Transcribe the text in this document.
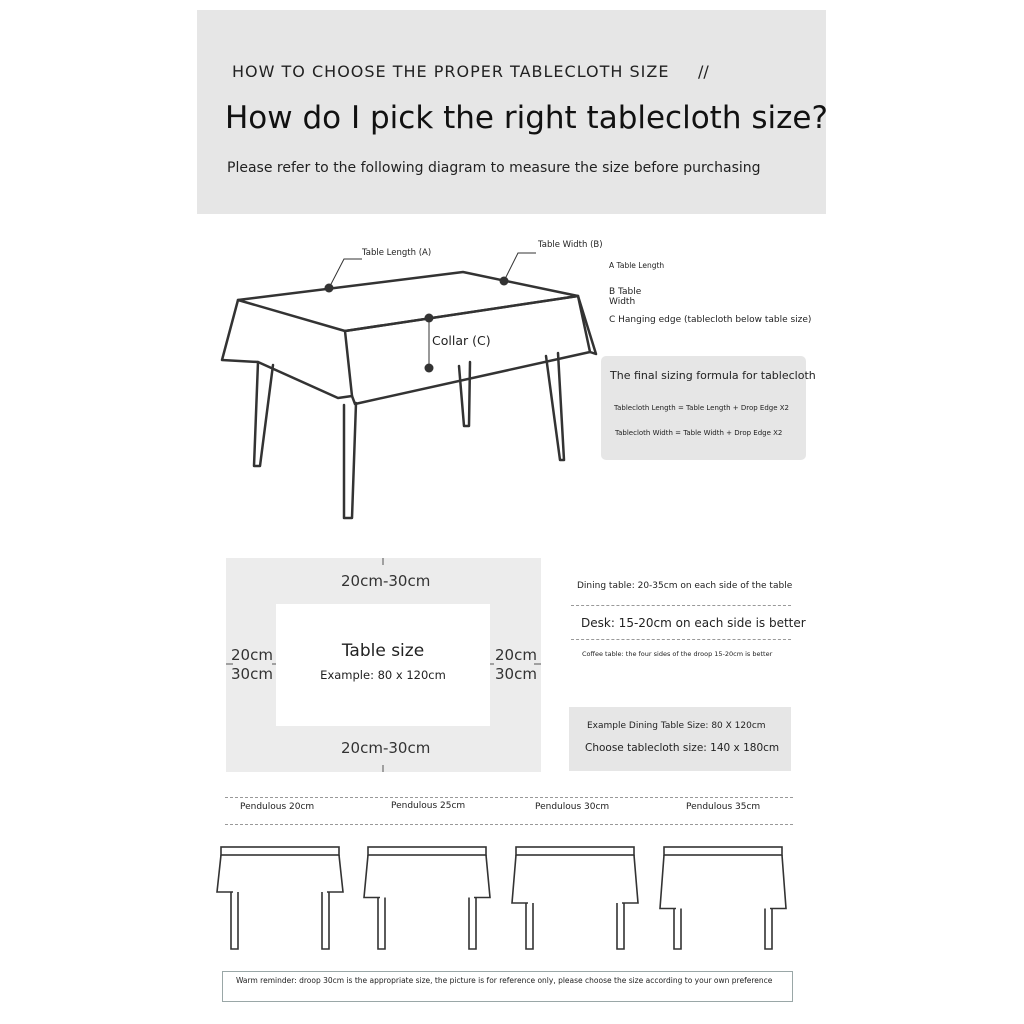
HOW TO CHOOSE THE PROPER TABLECLOTH SIZE //
How do I pick the right tablecloth size?
Please refer to the following diagram to measure the size before purchasing
Table Length (A)
Table Width (B)
Collar (C)
A Table Length
B Table
Width
C Hanging edge (tablecloth below table size)
The final sizing formula for tablecloth
Tablecloth Length = Table Length + Drop Edge X2
Tablecloth Width = Table Width + Drop Edge X2
20cm-30cm
20cm-30cm
20cm
30cm
20cm
30cm
Table size
Example: 80 x 120cm
Dining table: 20-35cm on each side of the table
Desk: 15-20cm on each side is better
Coffee table: the four sides of the droop 15-20cm is better
Example Dining Table Size: 80 X 120cm
Choose tablecloth size: 140 x 180cm
Pendulous 20cm	Pendulous 25cm	Pendulous 30cm	Pendulous 35cm
Warm reminder: droop 30cm is the appropriate size, the picture is for reference only, please choose the size according to your own preference
